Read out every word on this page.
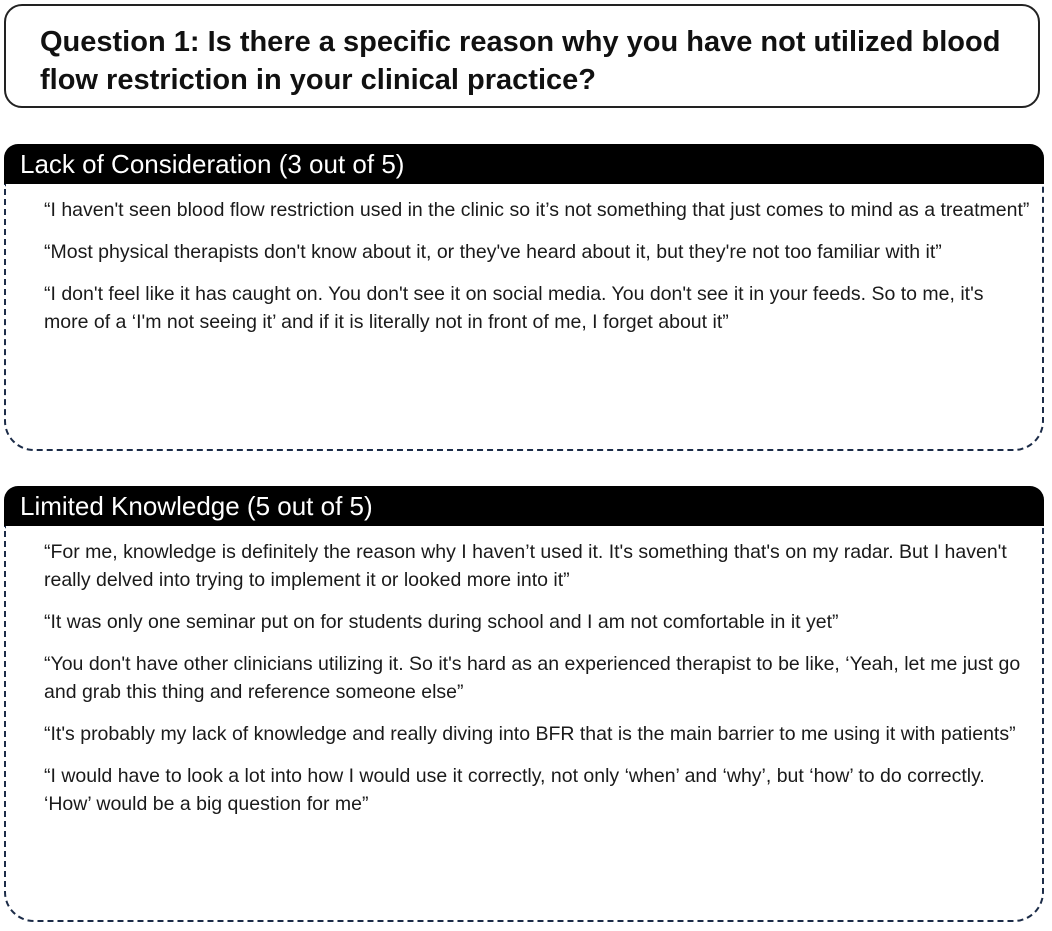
Question 1: Is there a specific reason why you have not utilized blood flow restriction in your clinical practice?

Lack of Consideration (3 out of 5)

“I haven't seen blood flow restriction used in the clinic so it’s not something that just comes to mind as a treatment”

“Most physical therapists don't know about it, or they've heard about it, but they're not too familiar with it”

“I don't feel like it has caught on. You don't see it on social media. You don't see it in your feeds. So to me, it's more of a ‘I'm not seeing it’ and if it is literally not in front of me, I forget about it”

Limited Knowledge (5 out of 5)

“For me, knowledge is definitely the reason why I haven’t used it. It's something that's on my radar. But I haven't really delved into trying to implement it or looked more into it”

“It was only one seminar put on for students during school and I am not comfortable in it yet”

“You don't have other clinicians utilizing it. So it's hard as an experienced therapist to be like, ‘Yeah, let me just go and grab this thing and reference someone else”

“It's probably my lack of knowledge and really diving into BFR that is the main barrier to me using it with patients”

“I would have to look a lot into how I would use it correctly, not only ‘when’ and ‘why’, but ‘how’ to do correctly. ‘How’ would be a big question for me”
